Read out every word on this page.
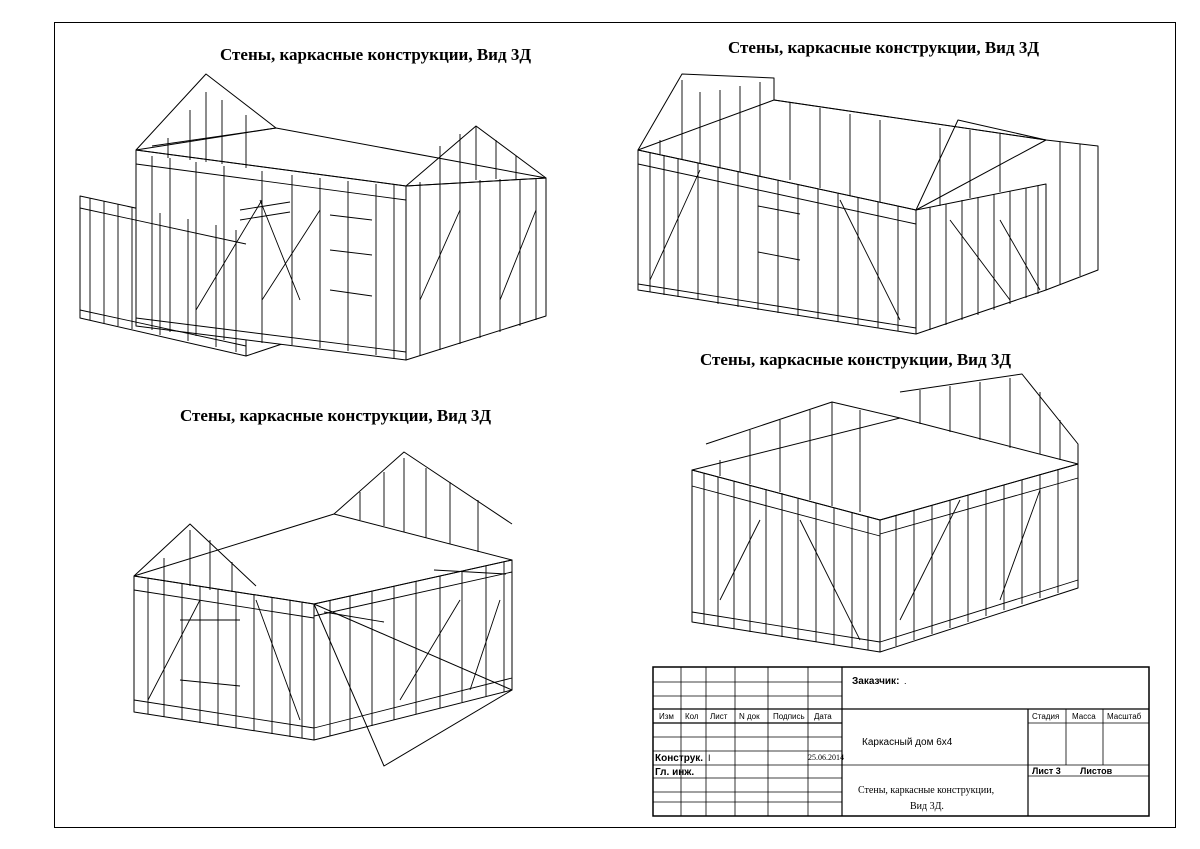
Стены, каркасные конструкции, Вид 3Д	Стены, каркасные конструкции, Вид 3Д
Стены, каркасные конструкции, Вид 3Д
Стены, каркасные конструкции, Вид 3Д
Заказчик: .
Изм Кол Лист N док Подпись Дата
Каркасный дом 6х4
Стадия Масса Масштаб
Конструк. I	25.06.2014
Гл. инж.	Лист 3 Листов
Стены, каркасные конструкции,
Вид 3Д.
